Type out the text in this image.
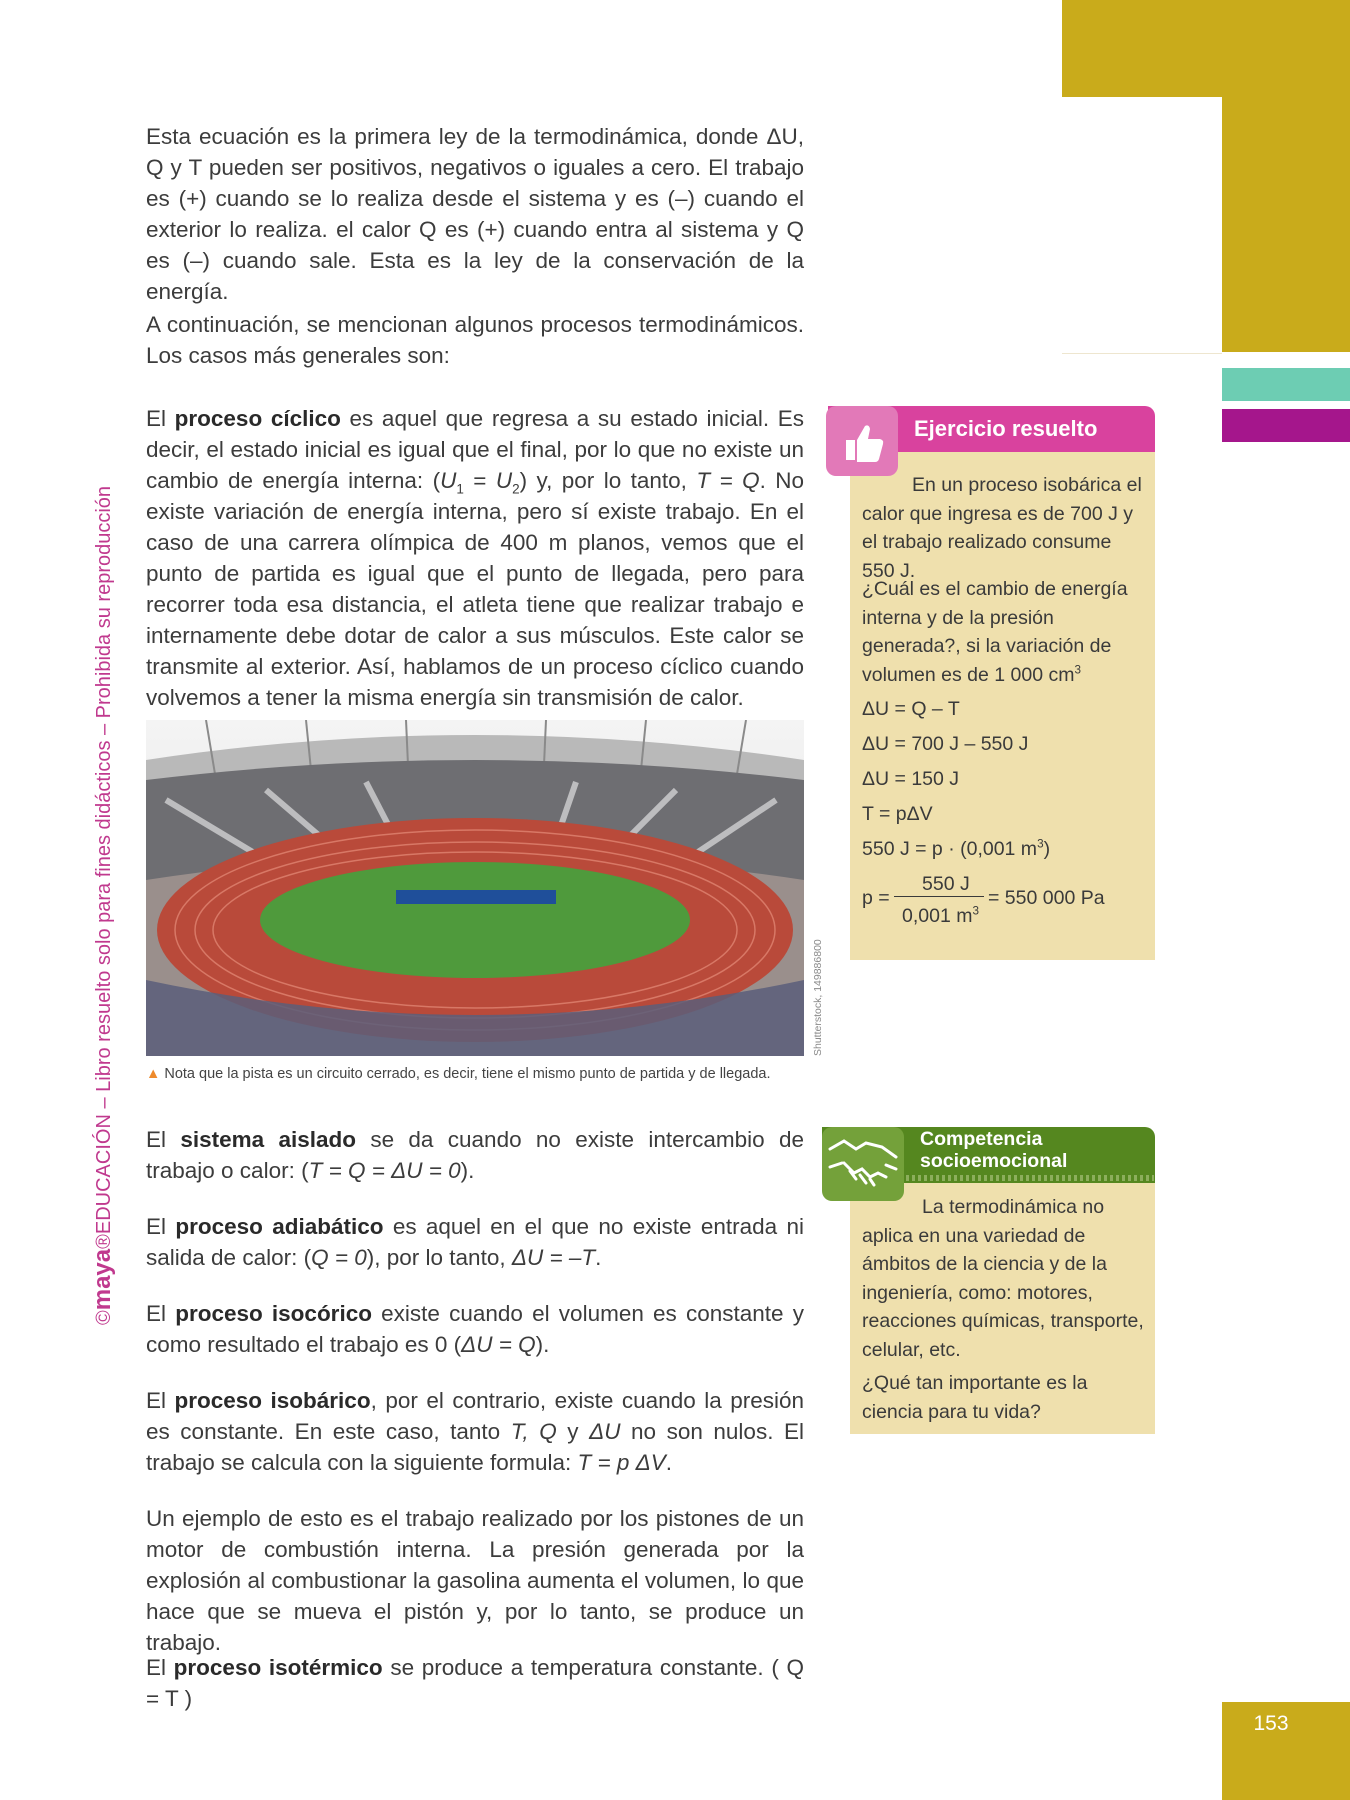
153
©maya®EDUCACIÓN – Libro resuelto solo para fines didácticos – Prohibida su reproducción
Esta ecuación es la primera ley de la termodinámica, donde ΔU, Q y T pueden ser positivos, negativos o iguales a cero. El trabajo es (+) cuando se lo realiza desde el sistema y es (–) cuando el exterior lo realiza. el calor Q es (+) cuando entra al sistema y Q es (–) cuando sale. Esta es la ley de la conservación de la energía.
A continuación, se mencionan algunos procesos termodinámicos. Los casos más generales son:
El proceso cíclico es aquel que regresa a su estado inicial. Es decir, el estado inicial es igual que el final, por lo que no existe un cambio de energía interna: $(U_1 = U_2)$ y, por lo tanto, T = Q. No existe variación de energía interna, pero sí existe trabajo. En el caso de una carrera olímpica de 400 m planos, vemos que el punto de partida es igual que el punto de llegada, pero para recorrer toda esa distancia, el atleta tiene que realizar trabajo e internamente debe dotar de calor a sus músculos. Este calor se transmite al exterior. Así, hablamos de un proceso cíclico cuando volvemos a tener la misma energía sin transmisión de calor.
Shutterstock, 149886800
▲ Nota que la pista es un circuito cerrado, es decir, tiene el mismo punto de partida y de llegada.
El sistema aislado se da cuando no existe intercambio de trabajo o calor: (T = Q = ΔU = 0).
El proceso adiabático es aquel en el que no existe entrada ni salida de calor: (Q = 0), por lo tanto, ΔU = –T.
El proceso isocórico existe cuando el volumen es constante y como resultado el trabajo es 0 (ΔU = Q).
El proceso isobárico, por el contrario, existe cuando la presión es constante. En este caso, tanto T, Q y ΔU no son nulos. El trabajo se calcula con la siguiente formula: T = p ΔV.
Un ejemplo de esto es el trabajo realizado por los pistones de un motor de combustión interna. La presión generada por la explosión al combustionar la gasolina aumenta el volumen, lo que hace que se mueva el pistón y, por lo tanto, se produce un trabajo.
El proceso isotérmico se produce a temperatura constante. ( Q = T )
Ejercicio resuelto
En un proceso isobárica el calor que ingresa es de 700 J y el trabajo realizado consume 550 J.
¿Cuál es el cambio de energía interna y de la presión generada?, si la variación de volumen es de 1 000 $cm^3$
ΔU = Q – T
ΔU = 700 J – 550 J
ΔU = 150 J
T = pΔV
550 J = p · (0,001 $m^3$)
p =
550 J
0,001 $m^3$
= 550 000 Pa
Competencia
socioemocional
La termodinámica no aplica en una variedad de ámbitos de la ciencia y de la ingeniería, como: motores, reacciones químicas, transporte, celular, etc.
¿Qué tan importante es la ciencia para tu vida?
